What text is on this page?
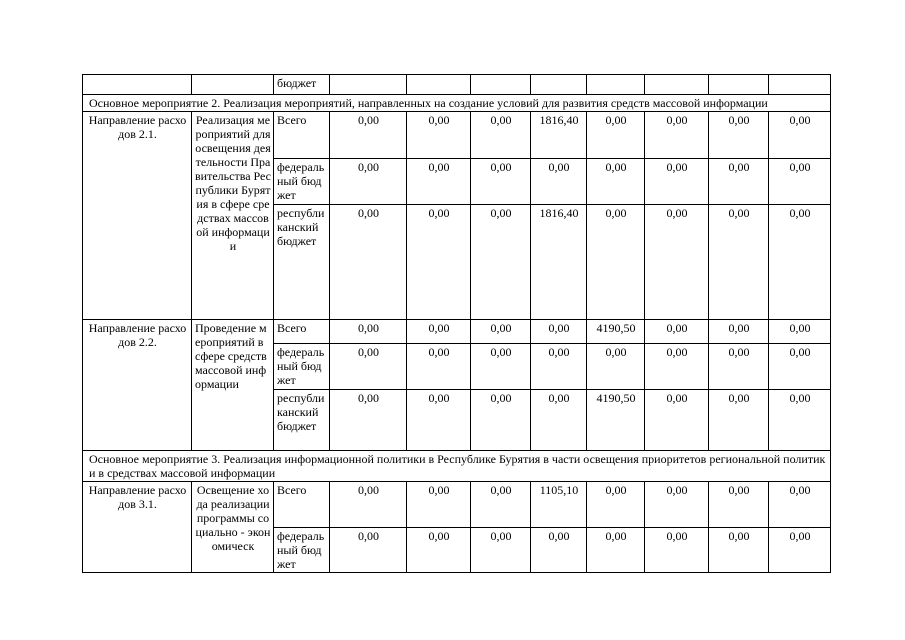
		бюджет								
Основное мероприятие 2. Реализация мероприятий, направленных на создание условий для развития средств массовой информации										
Направление расходов 2.1.	Реализация мероприятий для освещения деятельности Правительства Республики Бурятия в сфере средствах массовой информации	Всего	0,00	0,00	0,00	1816,40	0,00	0,00	0,00	0,00
		федеральный бюджет	0,00	0,00	0,00	0,00	0,00	0,00	0,00	0,00
		республиканский бюджет	0,00	0,00	0,00	1816,40	0,00	0,00	0,00	0,00
Направление расходов 2.2.	Проведение мероприятий в сфере средств массовой информации	Всего	0,00	0,00	0,00	0,00	4190,50	0,00	0,00	0,00
		федеральный бюджет	0,00	0,00	0,00	0,00	0,00	0,00	0,00	0,00
		республиканский бюджет	0,00	0,00	0,00	0,00	4190,50	0,00	0,00	0,00
Основное мероприятие 3. Реализация информационной политики в Республике Бурятия в части освещения приоритетов региональной политики в средствах массовой информации										
Направление расходов 3.1.	Освещение хода реализации программы социально - экономическ	Всего	0,00	0,00	0,00	1105,10	0,00	0,00	0,00	0,00
		федеральный бюджет	0,00	0,00	0,00	0,00	0,00	0,00	0,00	0,00
